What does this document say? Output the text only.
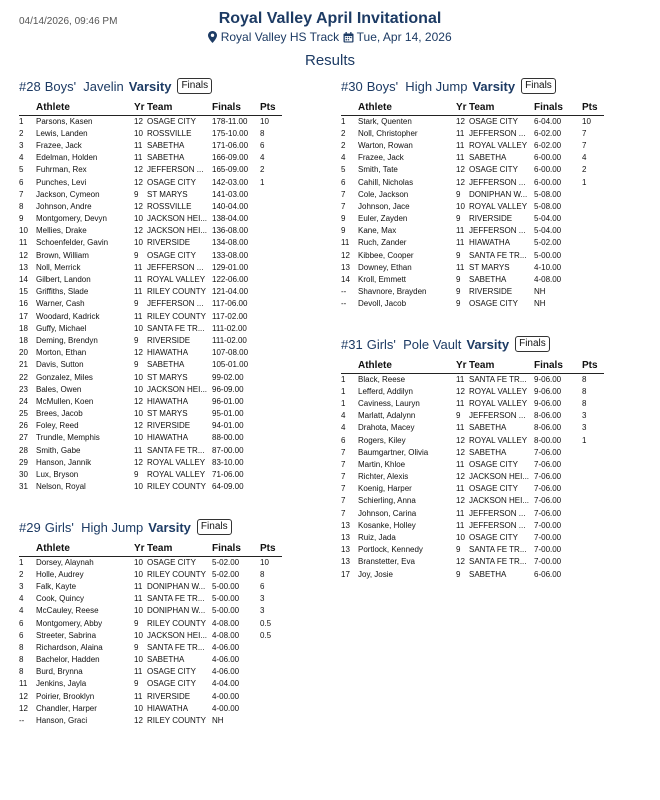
04/14/2026, 09:46 PM	Royal Valley April Invitational
Royal Valley HS Track Tue, Apr 14, 2026
Results
#28 Boys'  Javelin Varsity	Finals
	Athlete	Yr	Team	Finals	Pts
1	Parsons, Kasen	12	OSAGE CITY	178-11.00	10
2	Lewis, Landen	10	ROSSVILLE	175-10.00	8
3	Frazee, Jack	11	SABETHA	171-06.00	6
4	Edelman, Holden	11	SABETHA	166-09.00	4
5	Fuhrman, Rex	12	JEFFERSON ...	165-09.00	2
6	Punches, Levi	12	OSAGE CITY	142-03.00	1
7	Jackson, Cymeon	9	ST MARYS	141-03.00	
8	Johnson, Andre	12	ROSSVILLE	140-04.00	
9	Montgomery, Devyn	10	JACKSON HEI...	138-04.00	
10	Mellies, Drake	12	JACKSON HEI...	136-08.00	
11	Schoenfelder, Gavin	10	RIVERSIDE	134-08.00	
12	Brown, William	9	OSAGE CITY	133-08.00	
13	Noll, Merrick	11	JEFFERSON ...	129-01.00	
14	Gilbert, Landon	11	ROYAL VALLEY	122-06.00	
15	Griffiths, Slade	11	RILEY COUNTY	121-04.00	
16	Warner, Cash	9	JEFFERSON ...	117-06.00	
17	Woodard, Kadrick	11	RILEY COUNTY	117-02.00	
18	Guffy, Michael	10	SANTA FE TR...	111-02.00	
18	Deming, Brendyn	9	RIVERSIDE	111-02.00	
20	Morton, Ethan	12	HIAWATHA	107-08.00	
21	Davis, Sutton	9	SABETHA	105-01.00	
22	Gonzalez, Miles	10	ST MARYS	99-02.00	
23	Bales, Owen	10	JACKSON HEI...	96-09.00	
24	McMullen, Koen	12	HIAWATHA	96-01.00	
25	Brees, Jacob	10	ST MARYS	95-01.00	
26	Foley, Reed	12	RIVERSIDE	94-01.00	
27	Trundle, Memphis	10	HIAWATHA	88-00.00	
28	Smith, Gabe	11	SANTA FE TR...	87-00.00	
29	Hanson, Jannik	12	ROYAL VALLEY	83-10.00	
30	Lux, Bryson	9	ROYAL VALLEY	71-06.00	
31	Nelson, Royal	10	RILEY COUNTY	64-09.00	
#29 Girls'  High Jump Varsity	Finals
	Athlete	Yr	Team	Finals	Pts
1	Dorsey, Alaynah	10	OSAGE CITY	5-02.00	10
2	Holle, Audrey	10	RILEY COUNTY	5-02.00	8
3	Falk, Kayte	11	DONIPHAN W...	5-00.00	6
4	Cook, Quincy	11	SANTA FE TR...	5-00.00	3
4	McCauley, Reese	10	DONIPHAN W...	5-00.00	3
6	Montgomery, Abby	9	RILEY COUNTY	4-08.00	0.5
6	Streeter, Sabrina	10	JACKSON HEI...	4-08.00	0.5
8	Richardson, Alaina	9	SANTA FE TR...	4-06.00	
8	Bachelor, Hadden	10	SABETHA	4-06.00	
8	Burd, Brynna	11	OSAGE CITY	4-06.00	
11	Jenkins, Jayla	9	OSAGE CITY	4-04.00	
12	Poirier, Brooklyn	11	RIVERSIDE	4-00.00	
12	Chandler, Harper	10	HIAWATHA	4-00.00	
--	Hanson, Graci	12	RILEY COUNTY	NH	
#30 Boys'  High Jump Varsity	Finals
	Athlete	Yr	Team	Finals	Pts
1	Stark, Quenten	12	OSAGE CITY	6-04.00	10
2	Noll, Christopher	11	JEFFERSON ...	6-02.00	7
2	Warton, Rowan	11	ROYAL VALLEY	6-02.00	7
4	Frazee, Jack	11	SABETHA	6-00.00	4
5	Smith, Tate	12	OSAGE CITY	6-00.00	2
6	Cahill, Nicholas	12	JEFFERSON ...	6-00.00	1
7	Cole, Jackson	9	DONIPHAN W...	5-08.00	
7	Johnson, Jace	10	ROYAL VALLEY	5-08.00	
9	Euler, Zayden	9	RIVERSIDE	5-04.00	
9	Kane, Max	11	JEFFERSON ...	5-04.00	
11	Ruch, Zander	11	HIAWATHA	5-02.00	
12	Kibbee, Cooper	9	SANTA FE TR...	5-00.00	
13	Downey, Ethan	11	ST MARYS	4-10.00	
14	Kroll, Emmett	9	SABETHA	4-08.00	
--	Shavnore, Brayden	9	RIVERSIDE	NH	
--	Devoll, Jacob	9	OSAGE CITY	NH	
#31 Girls'  Pole Vault Varsity	Finals
	Athlete	Yr	Team	Finals	Pts
1	Black, Reese	11	SANTA FE TR...	9-06.00	8
1	Lefferd, Addilyn	12	ROYAL VALLEY	9-06.00	8
1	Caviness, Lauryn	11	ROYAL VALLEY	9-06.00	8
4	Marlatt, Adalynn	9	JEFFERSON ...	8-06.00	3
4	Drahota, Macey	11	SABETHA	8-06.00	3
6	Rogers, Kiley	12	ROYAL VALLEY	8-00.00	1
7	Baumgartner, Olivia	12	SABETHA	7-06.00	
7	Martin, Khloe	11	OSAGE CITY	7-06.00	
7	Richter, Alexis	12	JACKSON HEI...	7-06.00	
7	Koenig, Harper	11	OSAGE CITY	7-06.00	
7	Schierling, Anna	12	JACKSON HEI...	7-06.00	
7	Johnson, Carina	11	JEFFERSON ...	7-06.00	
13	Kosanke, Holley	11	JEFFERSON ...	7-00.00	
13	Ruiz, Jada	10	OSAGE CITY	7-00.00	
13	Portlock, Kennedy	9	SANTA FE TR...	7-00.00	
13	Branstetter, Eva	12	SANTA FE TR...	7-00.00	
17	Joy, Josie	9	SABETHA	6-06.00	
